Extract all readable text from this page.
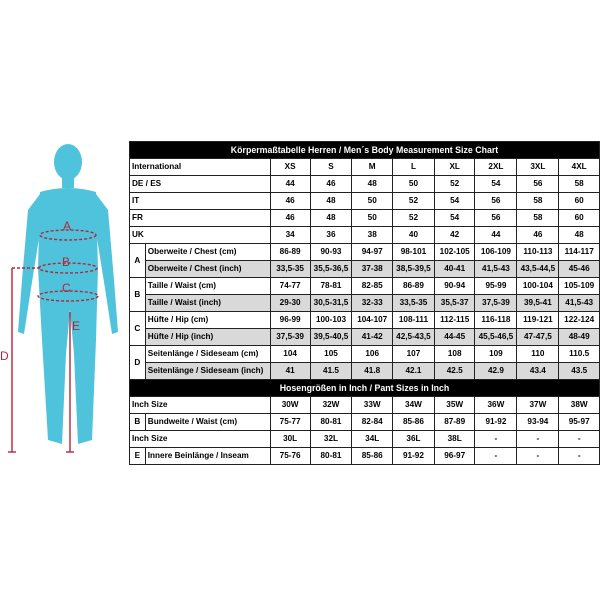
A
B
C
D
E
Körpermaßtabelle Herren / Men´s Body Measurement Size Chart									
International		XS	S	M	L	XL	2XL	3XL	4XL
DE / ES		44	46	48	50	52	54	56	58
IT		46	48	50	52	54	56	58	60
FR		46	48	50	52	54	56	58	60
UK		34	36	38	40	42	44	46	48
A	Oberweite / Chest (cm)	86-89	90-93	94-97	98-101	102-105	106-109	110-113	114-117
	Oberweite / Chest (inch)	33,5-35	35,5-36,5	37-38	38,5-39,5	40-41	41,5-43	43,5-44,5	45-46
B	Taille / Waist (cm)	74-77	78-81	82-85	86-89	90-94	95-99	100-104	105-109
	Taille / Waist (inch)	29-30	30,5-31,5	32-33	33,5-35	35,5-37	37,5-39	39,5-41	41,5-43
C	Hüfte / Hip (cm)	96-99	100-103	104-107	108-111	112-115	116-118	119-121	122-124
	Hüfte / Hip (inch)	37,5-39	39,5-40,5	41-42	42,5-43,5	44-45	45,5-46,5	47-47,5	48-49
D	Seitenlänge / Sideseam (cm)	104	105	106	107	108	109	110	110.5
	Seitenlänge / Sideseam (inch)	41	41.5	41.8	42.1	42.5	42.9	43.4	43.5
Hosengrößen in Inch / Pant Sizes in Inch									
Inch Size		30W	32W	33W	34W	35W	36W	37W	38W
B	Bundweite / Waist (cm)	75-77	80-81	82-84	85-86	87-89	91-92	93-94	95-97
Inch Size		30L	32L	34L	36L	38L	-	-	-
E	Innere Beinlänge / Inseam	75-76	80-81	85-86	91-92	96-97	-	-	-
